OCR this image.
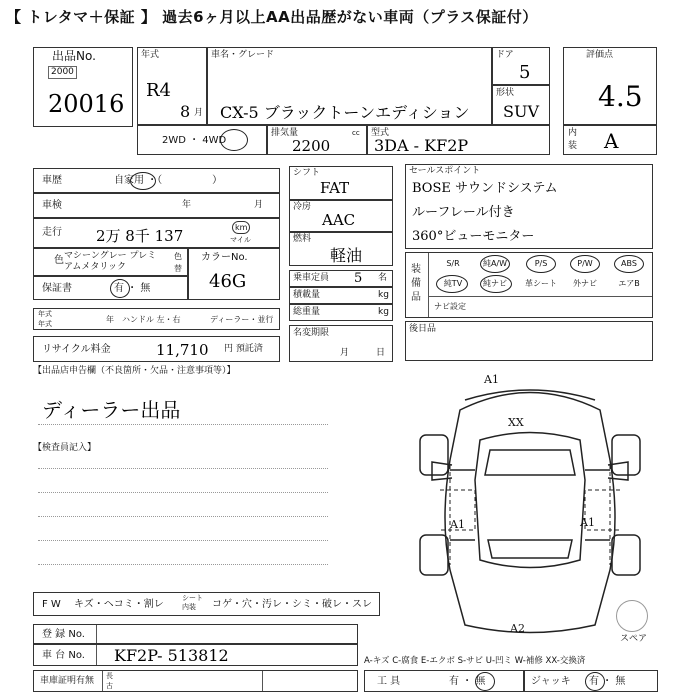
【 トレタマ＋保証 】 過去6ヶ月以上AA出品歴がない車両（プラス保証付）
出品No.
2000
20016
年式
R4
8 月
車名・グレード
CX-5 ブラックトーンエディション
ドア
5
形状
SUV
評価点
4.5
内
装 A
2WD ・ 4WD
排気量	cc
2200
型式
3DA - KF2P
車歴	自家用 ・（　　　　　）
車検	年	月
走行 2万 8千 137	km
マイル
色 マシーングレー プレミアムメタリック
色
替
カラーNo.
46G
保証書	有 ・ 無
年式
年式	年 ハンドル 左・右	ディーラー・並行
リサイクル料金	11,710 円 預託済
シフト
FAT
冷房
AAC
燃料
軽油
乗車定員 5 名
積載量	kg
総重量	kg
名変期限
月	日
セールスポイント
BOSE サウンドシステム
ルーフレール付き
360°ビューモニター
装備品
S/R	純A/W	P/S	P/W	ABS
純TV	純ナビ	革シート	外ナビ	エアB
ナビ設定
後日品
【出品店申告欄（不良箇所・欠品・注意事項等）】
ディーラー出品
【検査員記入】
A1
XX
A1	A1
A2
スペア
F W キズ・ヘコミ・割レ
シート内装	コゲ・穴・汚レ・シミ・破レ・スレ
登 録 No.
車 台 No. KF2P- 513812
車庫証明有無 長
古
A-キズ C-腐食 E-エクボ S-サビ U-凹ミ W-補修 XX-交換済
工 具	有 ・ 無	ジャッキ 有 ・ 無
